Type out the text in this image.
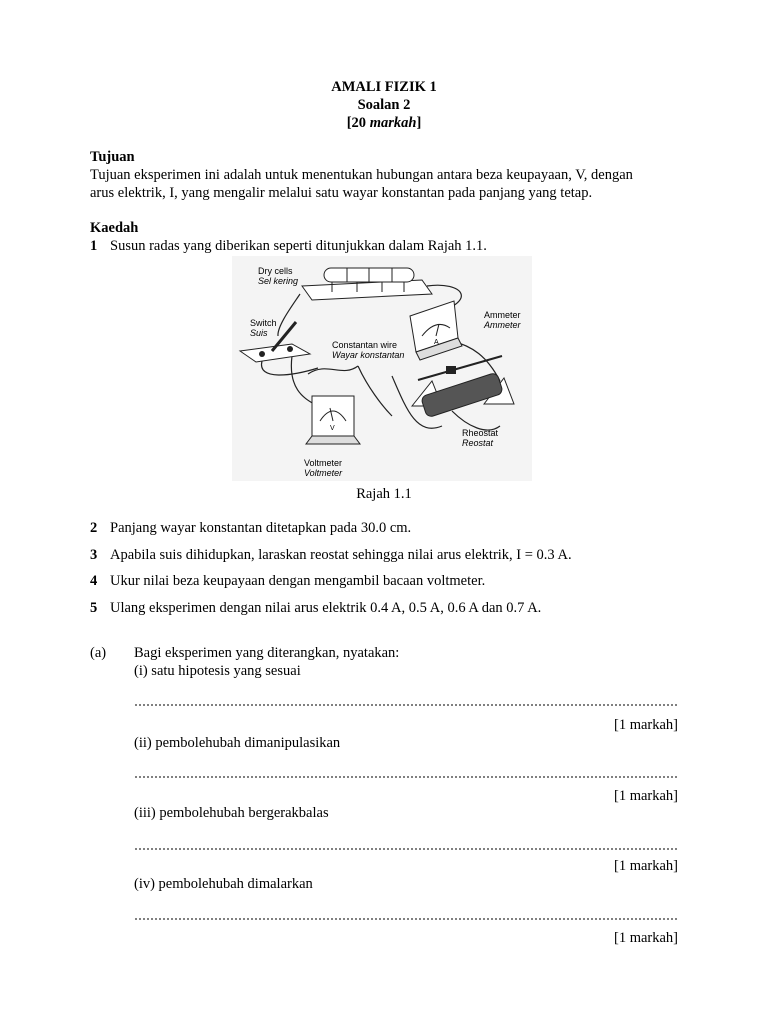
AMALI FIZIK 1
Soalan 2
[20 markah]
Tujuan
Tujuan eksperimen ini adalah untuk menentukan hubungan antara beza keupayaan, V, dengan
arus elektrik, I, yang mengalir melalui satu wayar konstantan pada panjang yang tetap.
Kaedah
1 Susun radas yang diberikan seperti ditunjukkan dalam Rajah 1.1.
A
V
Dry cells
Sel kering
Ammeter
Ammeter
Switch
Suis
Constantan wire
Wayar konstantan
Rheostat
Reostat
Voltmeter
Voltmeter
Rajah 1.1
2 Panjang wayar konstantan ditetapkan pada 30.0 cm.
3 Apabila suis dihidupkan, laraskan reostat sehingga nilai arus elektrik, I = 0.3 A.
4 Ukur nilai beza keupayaan dengan mengambil bacaan voltmeter.
5 Ulang eksperimen dengan nilai arus elektrik 0.4 A, 0.5 A, 0.6 A dan 0.7 A.
(a) Bagi eksperimen yang diterangkan, nyatakan:
(i) satu hipotesis yang sesuai
[1 markah]
(ii) pembolehubah dimanipulasikan
[1 markah]
(iii) pembolehubah bergerakbalas
[1 markah]
(iv) pembolehubah dimalarkan
[1 markah]
